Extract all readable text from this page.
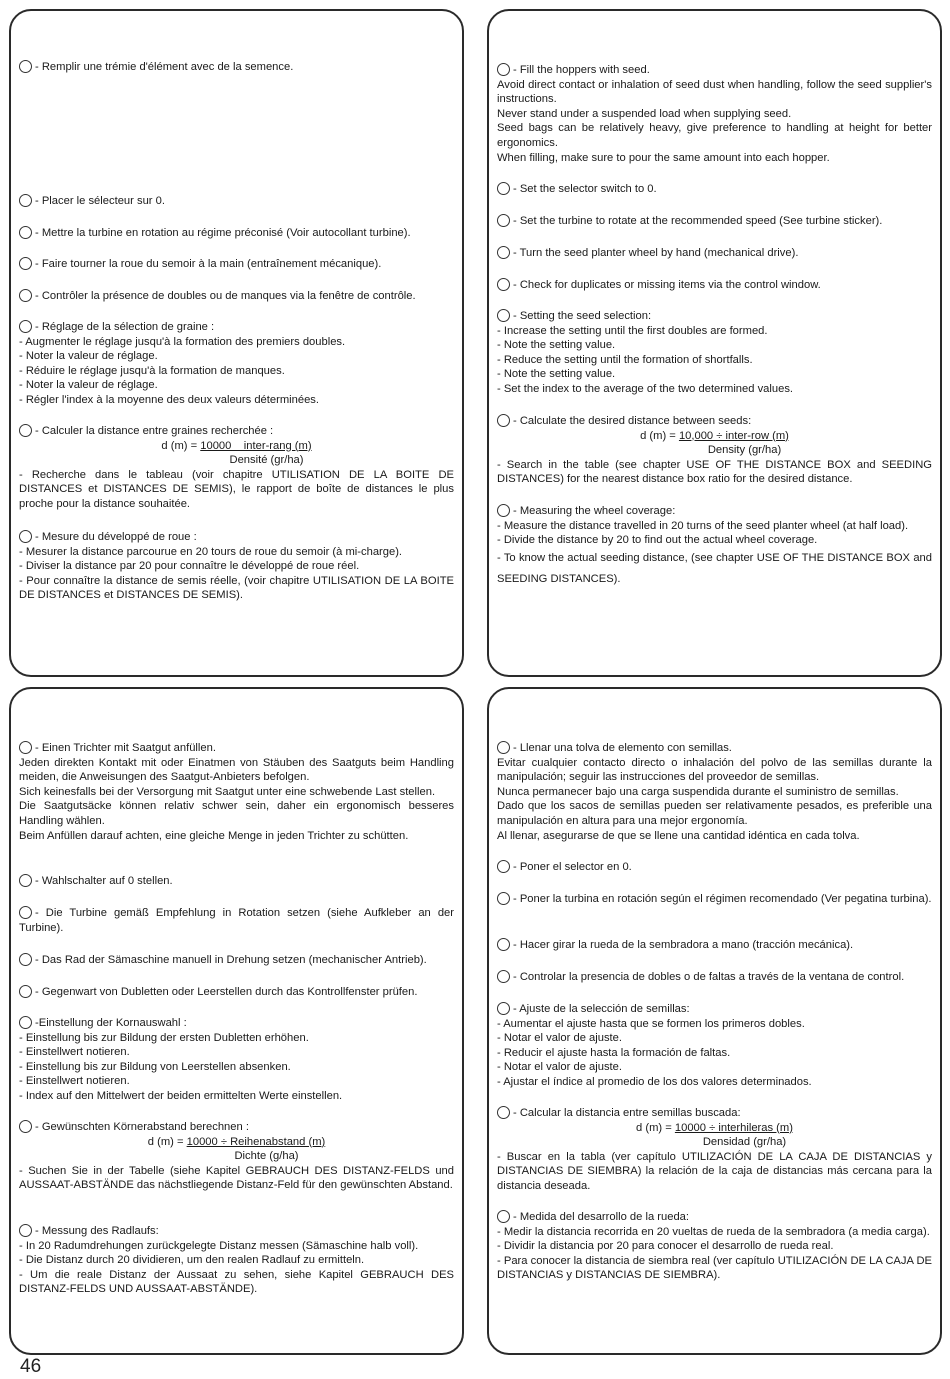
- Remplir une trémie d'élément avec de la semence.
- Placer le sélecteur sur 0.
- Mettre la turbine en rotation au régime préconisé (Voir autocollant turbine).
- Faire tourner la roue du semoir à la main (entraînement mécanique).
- Contrôler la présence de doubles ou de manques via la fenêtre de contrôle.
- Réglage de la sélection de graine :
- Augmenter le réglage jusqu'à la formation des premiers doubles.
- Noter la valeur de réglage.
- Réduire le réglage jusqu'à la formation de manques.
- Noter la valeur de réglage.
- Régler l'index à la moyenne des deux valeurs déterminées.
- Calculer la distance entre graines recherchée :
d (m) = 10000    inter-rang (m)
Densité (gr/ha)
- Recherche dans le tableau (voir chapitre UTILISATION DE LA BOITE DE DISTANCES et DISTANCES DE SEMIS), le rapport de boîte de distances le plus proche pour la distance souhaitée.
- Mesure du développé de roue :
- Mesurer la distance parcourue en 20 tours de roue du semoir (à mi-charge).
- Diviser la distance par 20 pour connaître le développé de roue réel.
- Pour connaître la distance de semis réelle, (voir chapitre UTILISATION DE LA BOITE DE DISTANCES et DISTANCES DE SEMIS).
- Fill the hoppers with seed.
Avoid direct contact or inhalation of seed dust when handling, follow the seed supplier's instructions.
Never stand under a suspended load when supplying seed.
Seed bags can be relatively heavy, give preference to handling at height for better ergonomics.
When filling, make sure to pour the same amount into each hopper.
- Set the selector switch to 0.
- Set the turbine to rotate at the recommended speed (See turbine sticker).
- Turn the seed planter wheel by hand (mechanical drive).
- Check for duplicates or missing items via the control window.
- Setting the seed selection:
- Increase the setting until the first doubles are formed.
- Note the setting value.
- Reduce the setting until the formation of shortfalls.
- Note the setting value.
- Set the index to the average of the two determined values.
- Calculate the desired distance between seeds:
d (m) = 10,000 ÷ inter-row (m)
Density (gr/ha)
- Search in the table (see chapter USE OF THE DISTANCE BOX and SEEDING DISTANCES) for the nearest distance box ratio for the desired distance.
- Measuring the wheel coverage:
- Measure the distance travelled in 20 turns of the seed planter wheel (at half load).
- Divide the distance by 20 to find out the actual wheel coverage.
- To know the actual seeding distance, (see chapter USE OF THE DISTANCE BOX and SEEDING DISTANCES).
- Einen Trichter mit Saatgut anfüllen.
Jeden direkten Kontakt mit oder Einatmen von Stäuben des Saatguts beim Handling meiden, die Anweisungen des Saatgut-Anbieters befolgen.
Sich keinesfalls bei der Versorgung mit Saatgut unter eine schwebende Last stellen.
Die Saatgutsäcke können relativ schwer sein, daher ein ergonomisch besseres Handling wählen.
Beim Anfüllen darauf achten, eine gleiche Menge in jeden Trichter zu schütten.
- Wahlschalter auf 0 stellen.
- Die Turbine gemäß Empfehlung in Rotation setzen (siehe Aufkleber an der Turbine).
- Das Rad der Sämaschine manuell in Drehung setzen (mechanischer Antrieb).
- Gegenwart von Dubletten oder Leerstellen durch das Kontrollfenster prüfen.
-Einstellung der Kornauswahl :
- Einstellung bis zur Bildung der ersten Dubletten erhöhen.
- Einstellwert notieren.
- Einstellung bis zur Bildung von Leerstellen absenken.
- Einstellwert notieren.
- Index auf den Mittelwert der beiden ermittelten Werte einstellen.
- Gewünschten Körnerabstand berechnen :
d (m) = 10000 ÷ Reihenabstand (m)
Dichte (g/ha)
- Suchen Sie in der Tabelle (siehe Kapitel GEBRAUCH DES DISTANZ-FELDS und AUSSAAT-ABSTÄNDE das nächstliegende Distanz-Feld für den gewünschten Abstand.
- Messung des Radlaufs:
- In 20 Radumdrehungen zurückgelegte Distanz messen (Sämaschine halb voll).
- Die Distanz durch 20 dividieren, um den realen Radlauf zu ermitteln.
- Um die reale Distanz der Aussaat zu sehen, siehe Kapitel GEBRAUCH DES DISTANZ-FELDS UND AUSSAAT-ABSTÄNDE).
- Llenar una tolva de elemento con semillas.
Evitar cualquier contacto directo o inhalación del polvo de las semillas durante la manipulación; seguir las instrucciones del proveedor de semillas.
Nunca permanecer bajo una carga suspendida durante el suministro de semillas.
Dado que los sacos de semillas pueden ser relativamente pesados, es preferible una manipulación en altura para una mejor ergonomía.
Al llenar, asegurarse de que se llene una cantidad idéntica en cada tolva.
- Poner el selector en 0.
- Poner la turbina en rotación según el régimen recomendado (Ver pegatina turbina).
- Hacer girar la rueda de la sembradora a mano (tracción mecánica).
- Controlar la presencia de dobles o de faltas a través de la ventana de control.
- Ajuste de la selección de semillas:
- Aumentar el ajuste hasta que se formen los primeros dobles.
- Notar el valor de ajuste.
- Reducir el ajuste hasta la formación de faltas.
- Notar el valor de ajuste.
- Ajustar el índice al promedio de los dos valores determinados.
- Calcular la distancia entre semillas buscada:
d (m) = 10000 ÷ interhileras (m)
Densidad (gr/ha)
- Buscar en la tabla (ver capítulo UTILIZACIÓN DE LA CAJA DE DISTANCIAS y DISTANCIAS DE SIEMBRA) la relación de la caja de distancias más cercana para la distancia deseada.
- Medida del desarrollo de la rueda:
- Medir la distancia recorrida en 20 vueltas de rueda de la sembradora (a media carga).
- Dividir la distancia por 20 para conocer el desarrollo de rueda real.
- Para conocer la distancia de siembra real (ver capítulo UTILIZACIÓN DE LA CAJA DE DISTANCIAS y DISTANCIAS DE SIEMBRA).
46
